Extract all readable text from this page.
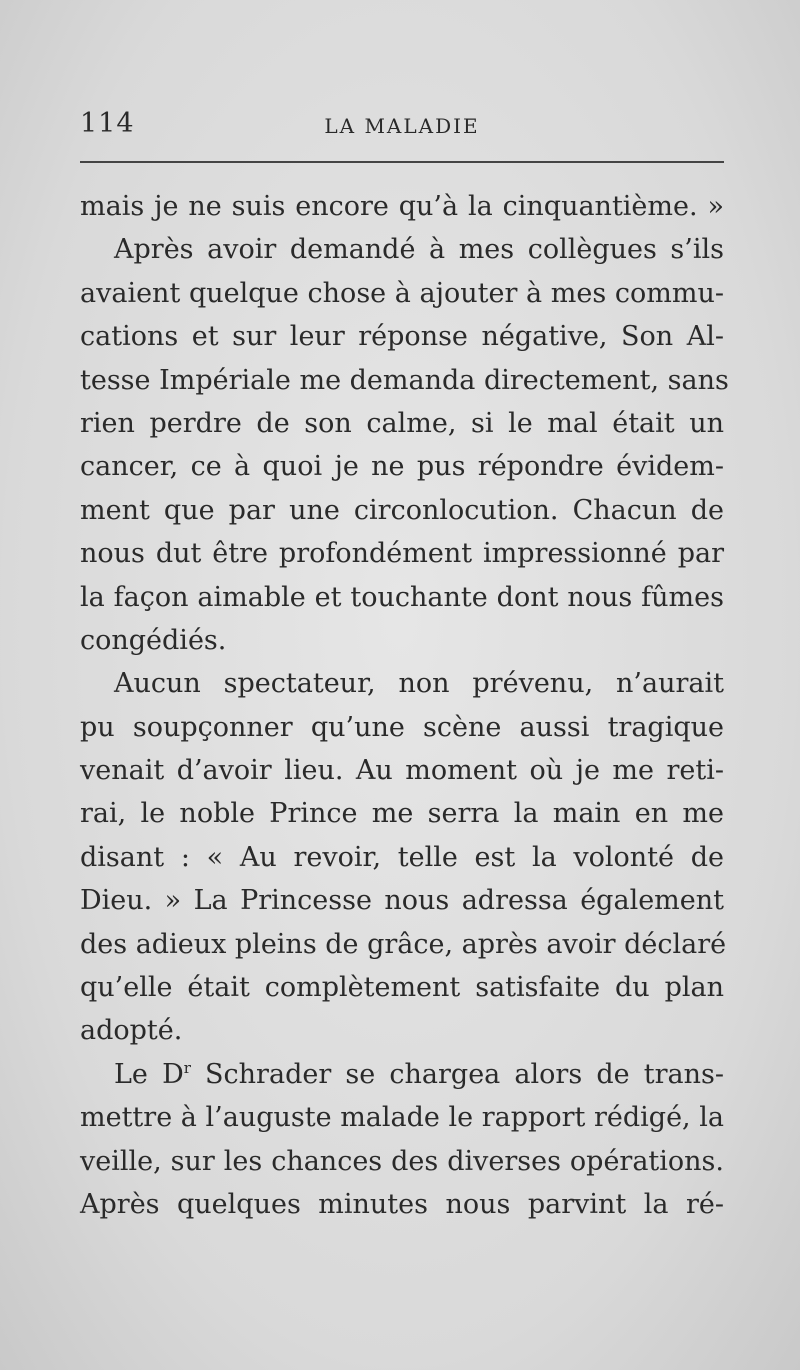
114	LA MALADIE
mais je ne suis encore qu’à la cinquantième. »
Après avoir demandé à mes collègues s’ils
avaient quelque chose à ajouter à mes commu-
cations et sur leur réponse négative, Son Al-
tesse Impériale me demanda directement, sans
rien perdre de son calme, si le mal était un
cancer, ce à quoi je ne pus répondre évidem-
ment que par une circonlocution. Chacun de
nous dut être profondément impressionné par
la façon aimable et touchante dont nous fûmes
congédiés.
Aucun spectateur, non prévenu, n’aurait
pu soupçonner qu’une scène aussi tragique
venait d’avoir lieu. Au moment où je me reti-
rai, le noble Prince me serra la main en me
disant : « Au revoir, telle est la volonté de
Dieu. » La Princesse nous adressa également
des adieux pleins de grâce, après avoir déclaré
qu’elle était complètement satisfaite du plan
adopté.
Le $D^r$ Schrader se chargea alors de trans-
mettre à l’auguste malade le rapport rédigé, la
veille, sur les chances des diverses opérations.
Après quelques minutes nous parvint la ré-
